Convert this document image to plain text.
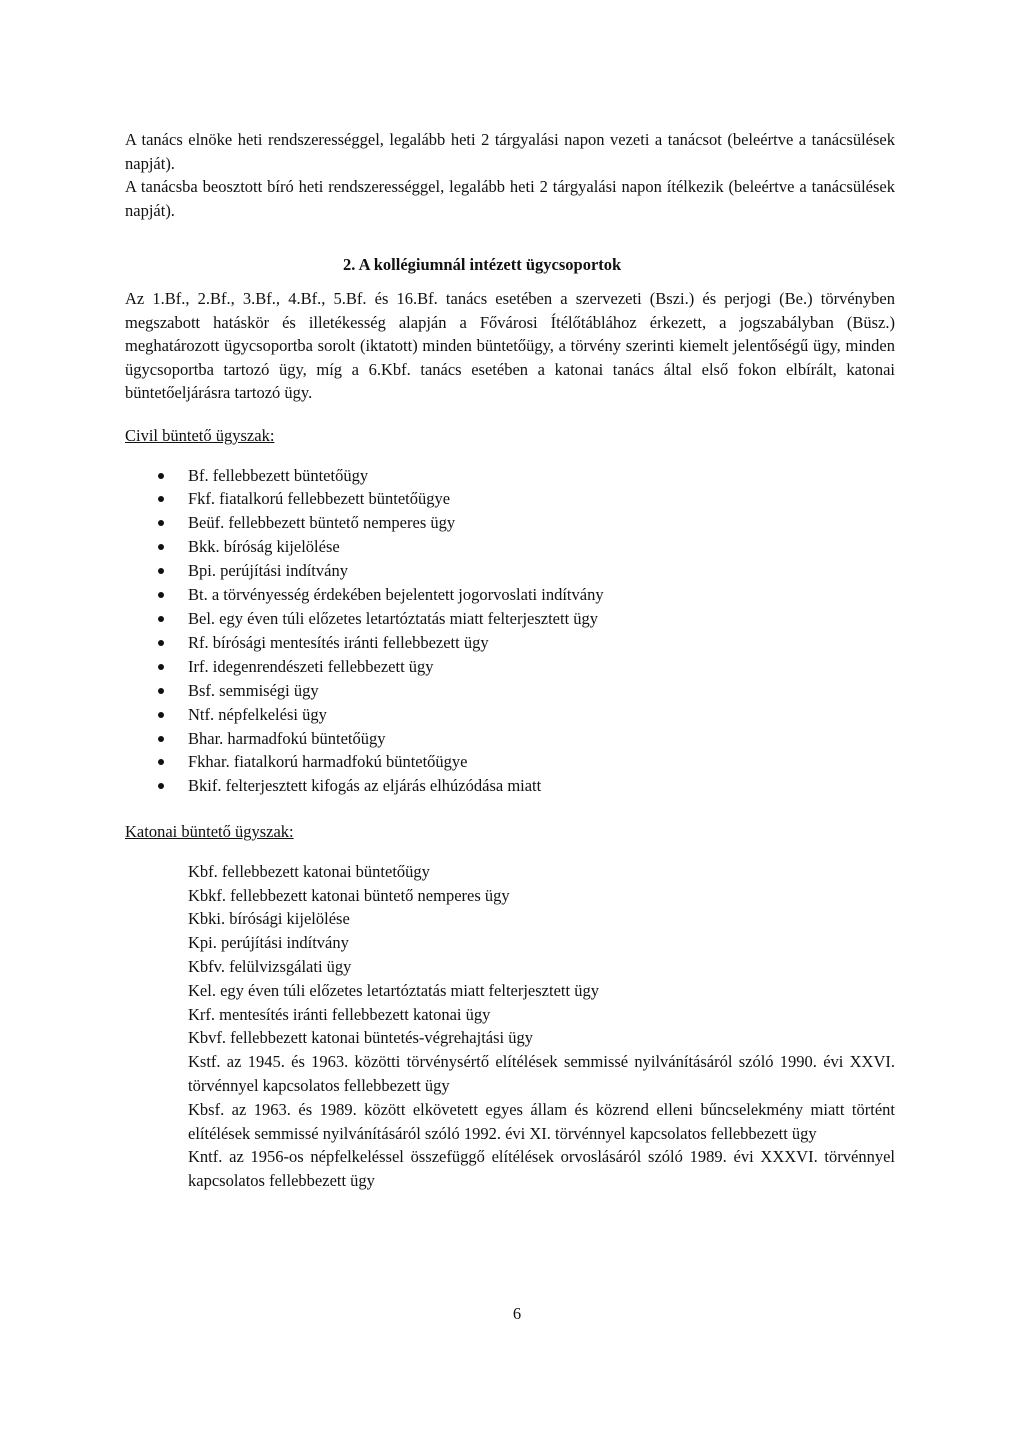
A tanács elnöke heti rendszerességgel, legalább heti 2 tárgyalási napon vezeti a tanácsot (beleértve a tanácsülések napját).

A tanácsba beosztott bíró heti rendszerességgel, legalább heti 2 tárgyalási napon ítélkezik (beleértve a tanácsülések napját).

2. A kollégiumnál intézett ügycsoportok

Az 1.Bf., 2.Bf., 3.Bf., 4.Bf., 5.Bf. és 16.Bf. tanács esetében a szervezeti (Bszi.) és perjogi (Be.) törvényben megszabott hatáskör és illetékesség alapján a Fővárosi Ítélőtáblához érkezett, a jogszabályban (Büsz.) meghatározott ügycsoportba sorolt (iktatott) minden büntetőügy, a törvény szerinti kiemelt jelentőségű ügy, minden ügycsoportba tartozó ügy, míg a 6.Kbf. tanács esetében a katonai tanács által első fokon elbírált, katonai büntetőeljárásra tartozó ügy.

Civil büntető ügyszak:
Bf. fellebbezett büntetőügy
Fkf. fiatalkorú fellebbezett büntetőügye
Beüf. fellebbezett büntető nemperes ügy
Bkk. bíróság kijelölése
Bpi. perújítási indítvány
Bt. a törvényesség érdekében bejelentett jogorvoslati indítvány
Bel. egy éven túli előzetes letartóztatás miatt felterjesztett ügy
Rf. bírósági mentesítés iránti fellebbezett ügy
Irf. idegenrendészeti fellebbezett ügy
Bsf. semmiségi ügy
Ntf. népfelkelési ügy
Bhar. harmadfokú büntetőügy
Fkhar. fiatalkorú harmadfokú büntetőügye
Bkif. felterjesztett kifogás az eljárás elhúzódása miatt
Katonai büntető ügyszak:
Kbf. fellebbezett katonai büntetőügy
Kbkf. fellebbezett katonai büntető nemperes ügy
Kbki. bírósági kijelölése
Kpi. perújítási indítvány
Kbfv. felülvizsgálati ügy
Kel. egy éven túli előzetes letartóztatás miatt felterjesztett ügy
Krf. mentesítés iránti fellebbezett katonai ügy
Kbvf. fellebbezett katonai büntetés-végrehajtási ügy
Kstf. az 1945. és 1963. közötti törvénysértő elítélések semmissé nyilvánításáról szóló 1990. évi XXVI. törvénnyel kapcsolatos fellebbezett ügy
Kbsf. az 1963. és 1989. között elkövetett egyes állam és közrend elleni bűncselekmény miatt történt elítélések semmissé nyilvánításáról szóló 1992. évi XI. törvénnyel kapcsolatos fellebbezett ügy
Kntf. az 1956-os népfelkeléssel összefüggő elítélések orvoslásáról szóló 1989. évi XXXVI. törvénnyel kapcsolatos fellebbezett ügy
6
